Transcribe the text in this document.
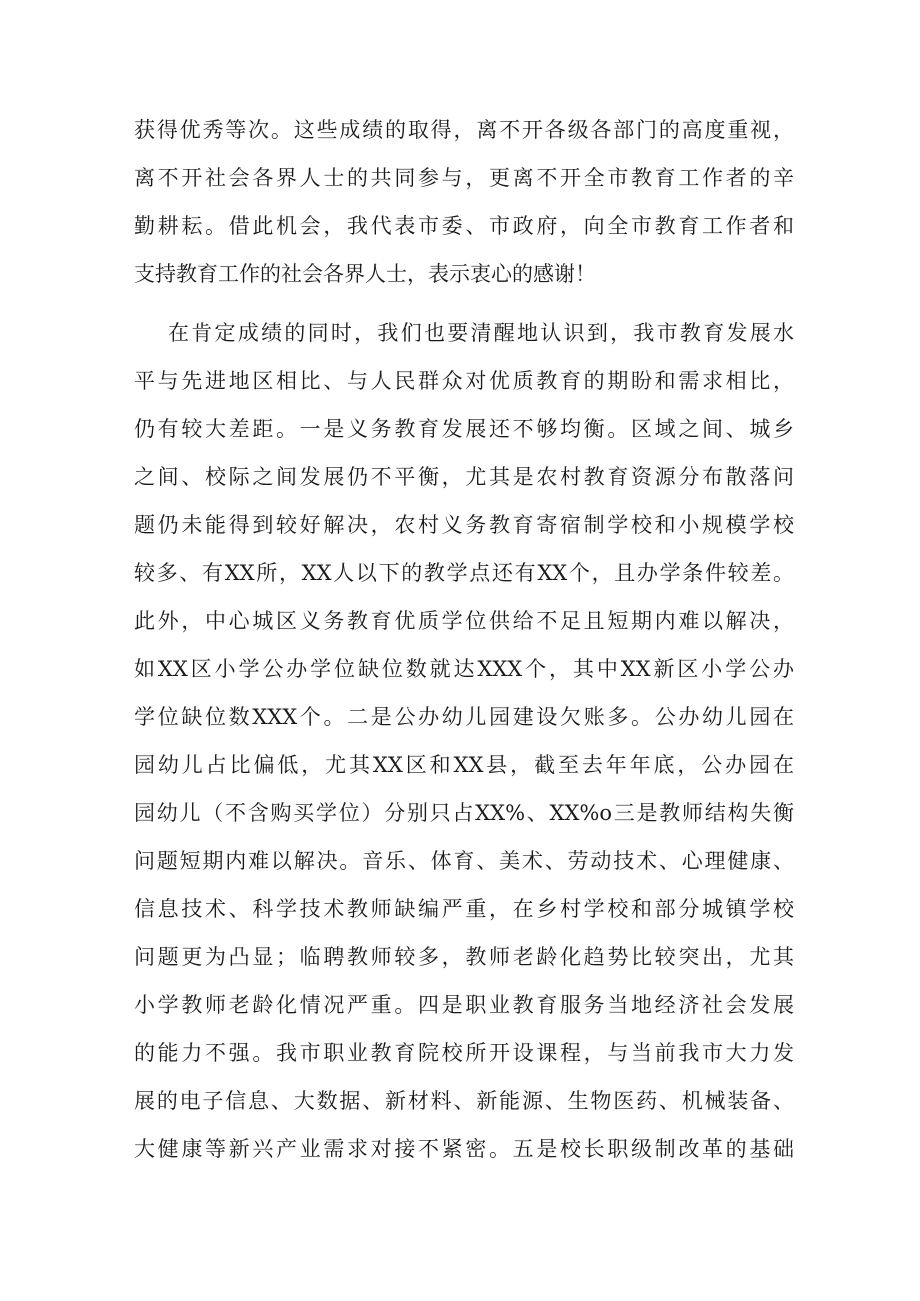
获得优秀等次。这些成绩的取得，离不开各级各部门的高度重视，
离不开社会各界人士的共同参与，更离不开全市教育工作者的辛
勤耕耘。借此机会，我代表市委、市政府，向全市教育工作者和
支持教育工作的社会各界人士，表示衷心的感谢！
在肯定成绩的同时，我们也要清醒地认识到，我市教育发展水
平与先进地区相比、与人民群众对优质教育的期盼和需求相比，
仍有较大差距。一是义务教育发展还不够均衡。区域之间、城乡
之间、校际之间发展仍不平衡，尤其是农村教育资源分布散落问
题仍未能得到较好解决，农村义务教育寄宿制学校和小规模学校
较多、有XX所，XX人以下的教学点还有XX个，且办学条件较差。
此外，中心城区义务教育优质学位供给不足且短期内难以解决，
如XX区小学公办学位缺位数就达XXX个，其中XX新区小学公办
学位缺位数XXX个。二是公办幼儿园建设欠账多。公办幼儿园在
园幼儿占比偏低，尤其XX区和XX县，截至去年年底，公办园在
园幼儿（不含购买学位）分别只占XX%、XX%o三是教师结构失衡
问题短期内难以解决。音乐、体育、美术、劳动技术、心理健康、
信息技术、科学技术教师缺编严重，在乡村学校和部分城镇学校
问题更为凸显；临聘教师较多，教师老龄化趋势比较突出，尤其
小学教师老龄化情况严重。四是职业教育服务当地经济社会发展
的能力不强。我市职业教育院校所开设课程，与当前我市大力发
展的电子信息、大数据、新材料、新能源、生物医药、机械装备、
大健康等新兴产业需求对接不紧密。五是校长职级制改革的基础
